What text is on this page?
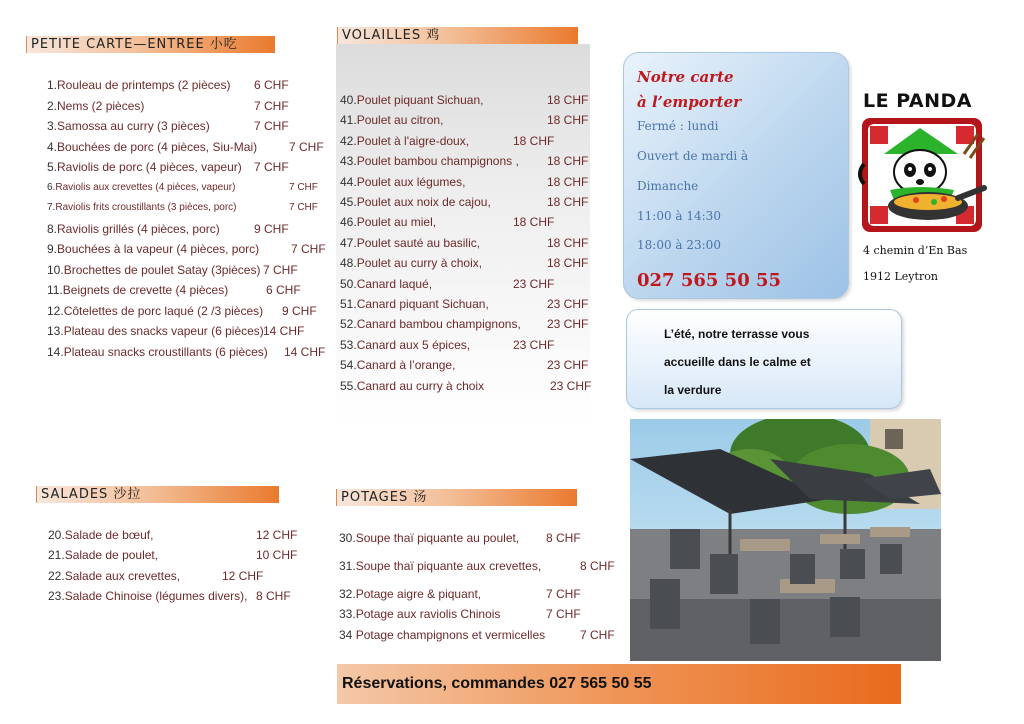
PETITE CARTE—ENTREE 小吃
SALADES 沙拉
VOLAILLES 鸡
POTAGES 汤
Notre carte
à l’emporter
Fermé : lundi
Ouvert de mardi à
Dimanche
11:00 à 14:30
18:00 à 23:00
027 565 50 55
LE PANDA
4 chemin d’En Bas
1912 Leytron
L’été, notre terrasse vous
accueille dans le calme et
la verdure
Réservations, commandes 027 565 50 55
1.Rouleau de printemps (2 pièces) 6 CHF
2.Nems (2 pièces)	7 CHF
3.Samossa au curry (3 pièces)	7 CHF
4.Bouchées de porc (4 pièces, Siu-Mai)	7 CHF
5.Raviolis de porc (4 pièces, vapeur) 7 CHF
6.Raviolis aux crevettes (4 pièces, vapeur)	7 CHF
7.Raviolis frits croustillants (3 pièces, porc)	7 CHF
8.Raviolis grillés (4 pièces, porc)	9 CHF
9.Bouchées à la vapeur (4 pièces, porc)	7 CHF
10.Brochettes de poulet Satay (3pièces) 7 CHF
11.Beignets de crevette (4 pièces)	6 CHF
12.Côtelettes de porc laqué (2 /3 pièces) 9 CHF
13.Plateau des snacks vapeur (6 pièces) 14 CHF
14.Plateau snacks croustillants (6 pièces) 14 CHF
20.Salade de bœuf,	12 CHF
21.Salade de poulet,	10 CHF
22.Salade aux crevettes,	12 CHF
23.Salade Chinoise (légumes divers), 8 CHF
40.Poulet piquant Sichuan,	18 CHF
41.Poulet au citron,	18 CHF
42.Poulet à l'aigre-doux,	18 CHF
43.Poulet bambou champignons , 18 CHF
44.Poulet aux légumes,	18 CHF
45.Poulet aux noix de cajou,	18 CHF
46.Poulet au miel,	18 CHF
47.Poulet sauté au basilic,	18 CHF
48.Poulet au curry à choix,	18 CHF
50.Canard laqué,	23 CHF
51.Canard piquant Sichuan,	23 CHF
52.Canard bambou champignons, 23 CHF
53.Canard aux 5 épices,	23 CHF
54.Canard à l’orange,	23 CHF
55.Canard au curry à choix	23 CHF
30.Soupe thaï piquante au poulet, 8 CHF
31.Soupe thaï piquante aux crevettes,	8 CHF
32.Potage aigre & piquant,	7 CHF
33.Potage aux raviolis Chinois	7 CHF
34 Potage champignons et vermicelles	7 CHF
